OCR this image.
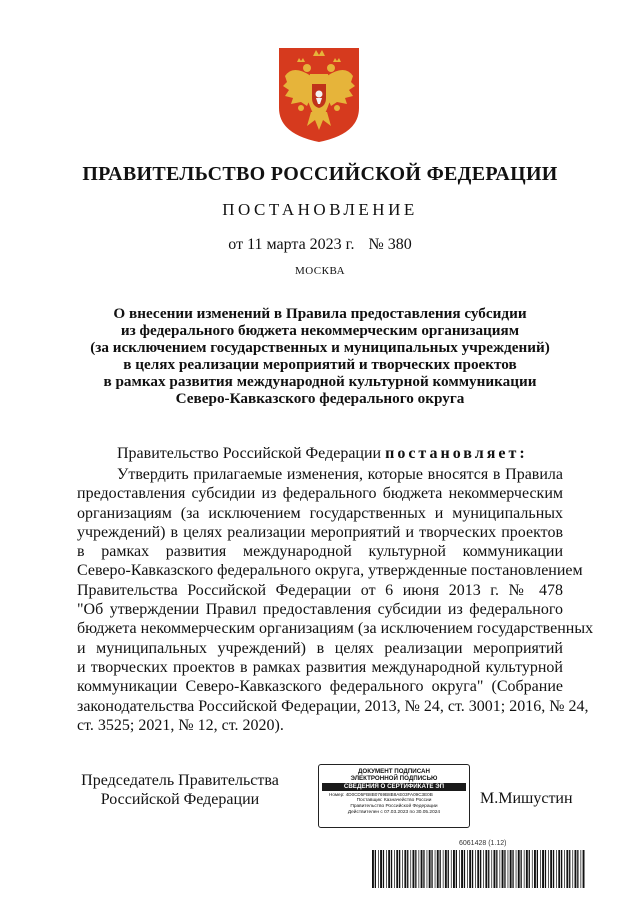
ПРАВИТЕЛЬСТВО РОССИЙСКОЙ ФЕДЕРАЦИИ
ПОСТАНОВЛЕНИЕ
от 11 марта 2023 г. № 380
МОСКВА
О внесении изменений в Правила предоставления субсидии
из федерального бюджета некоммерческим организациям
(за исключением государственных и муниципальных учреждений)
в целях реализации мероприятий и творческих проектов
в рамках развития международной культурной коммуникации
Северо-Кавказского федерального округа
Правительство Российской Федерации постановляет:
Утвердить прилагаемые изменения, которые вносятся в Правила
предоставления субсидии из федерального бюджета некоммерческим
организациям (за исключением государственных и муниципальных
учреждений) в целях реализации мероприятий и творческих проектов
в рамках развития международной культурной коммуникации
Северо-Кавказского федерального округа, утвержденные постановлением
Правительства Российской Федерации от 6 июня 2013 г. № 478
"Об утверждении Правил предоставления субсидии из федерального
бюджета некоммерческим организациям (за исключением государственных
и муниципальных учреждений) в целях реализации мероприятий
и творческих проектов в рамках развития международной культурной
коммуникации Северо-Кавказского федерального округа" (Собрание
законодательства Российской Федерации, 2013, № 24, ст. 3001; 2016, № 24,
ст. 3525; 2021, № 12, ст. 2020).
Председатель Правительства
Российской Федерации
ДОКУМЕНТ ПОДПИСАН
ЭЛЕКТРОННОЙ ПОДПИСЬЮ
СВЕДЕНИЯ О СЕРТИФИКАТЕ ЭП
Номер: 4D0CD5FB8B0769B8B8AE03FA09C3E0B
Поставщик: Казначейство России
Правительство Российской Федерации
Действителен с 07.03.2023 по 30.05.2024
М.Мишустин
6061428 (1.12)
